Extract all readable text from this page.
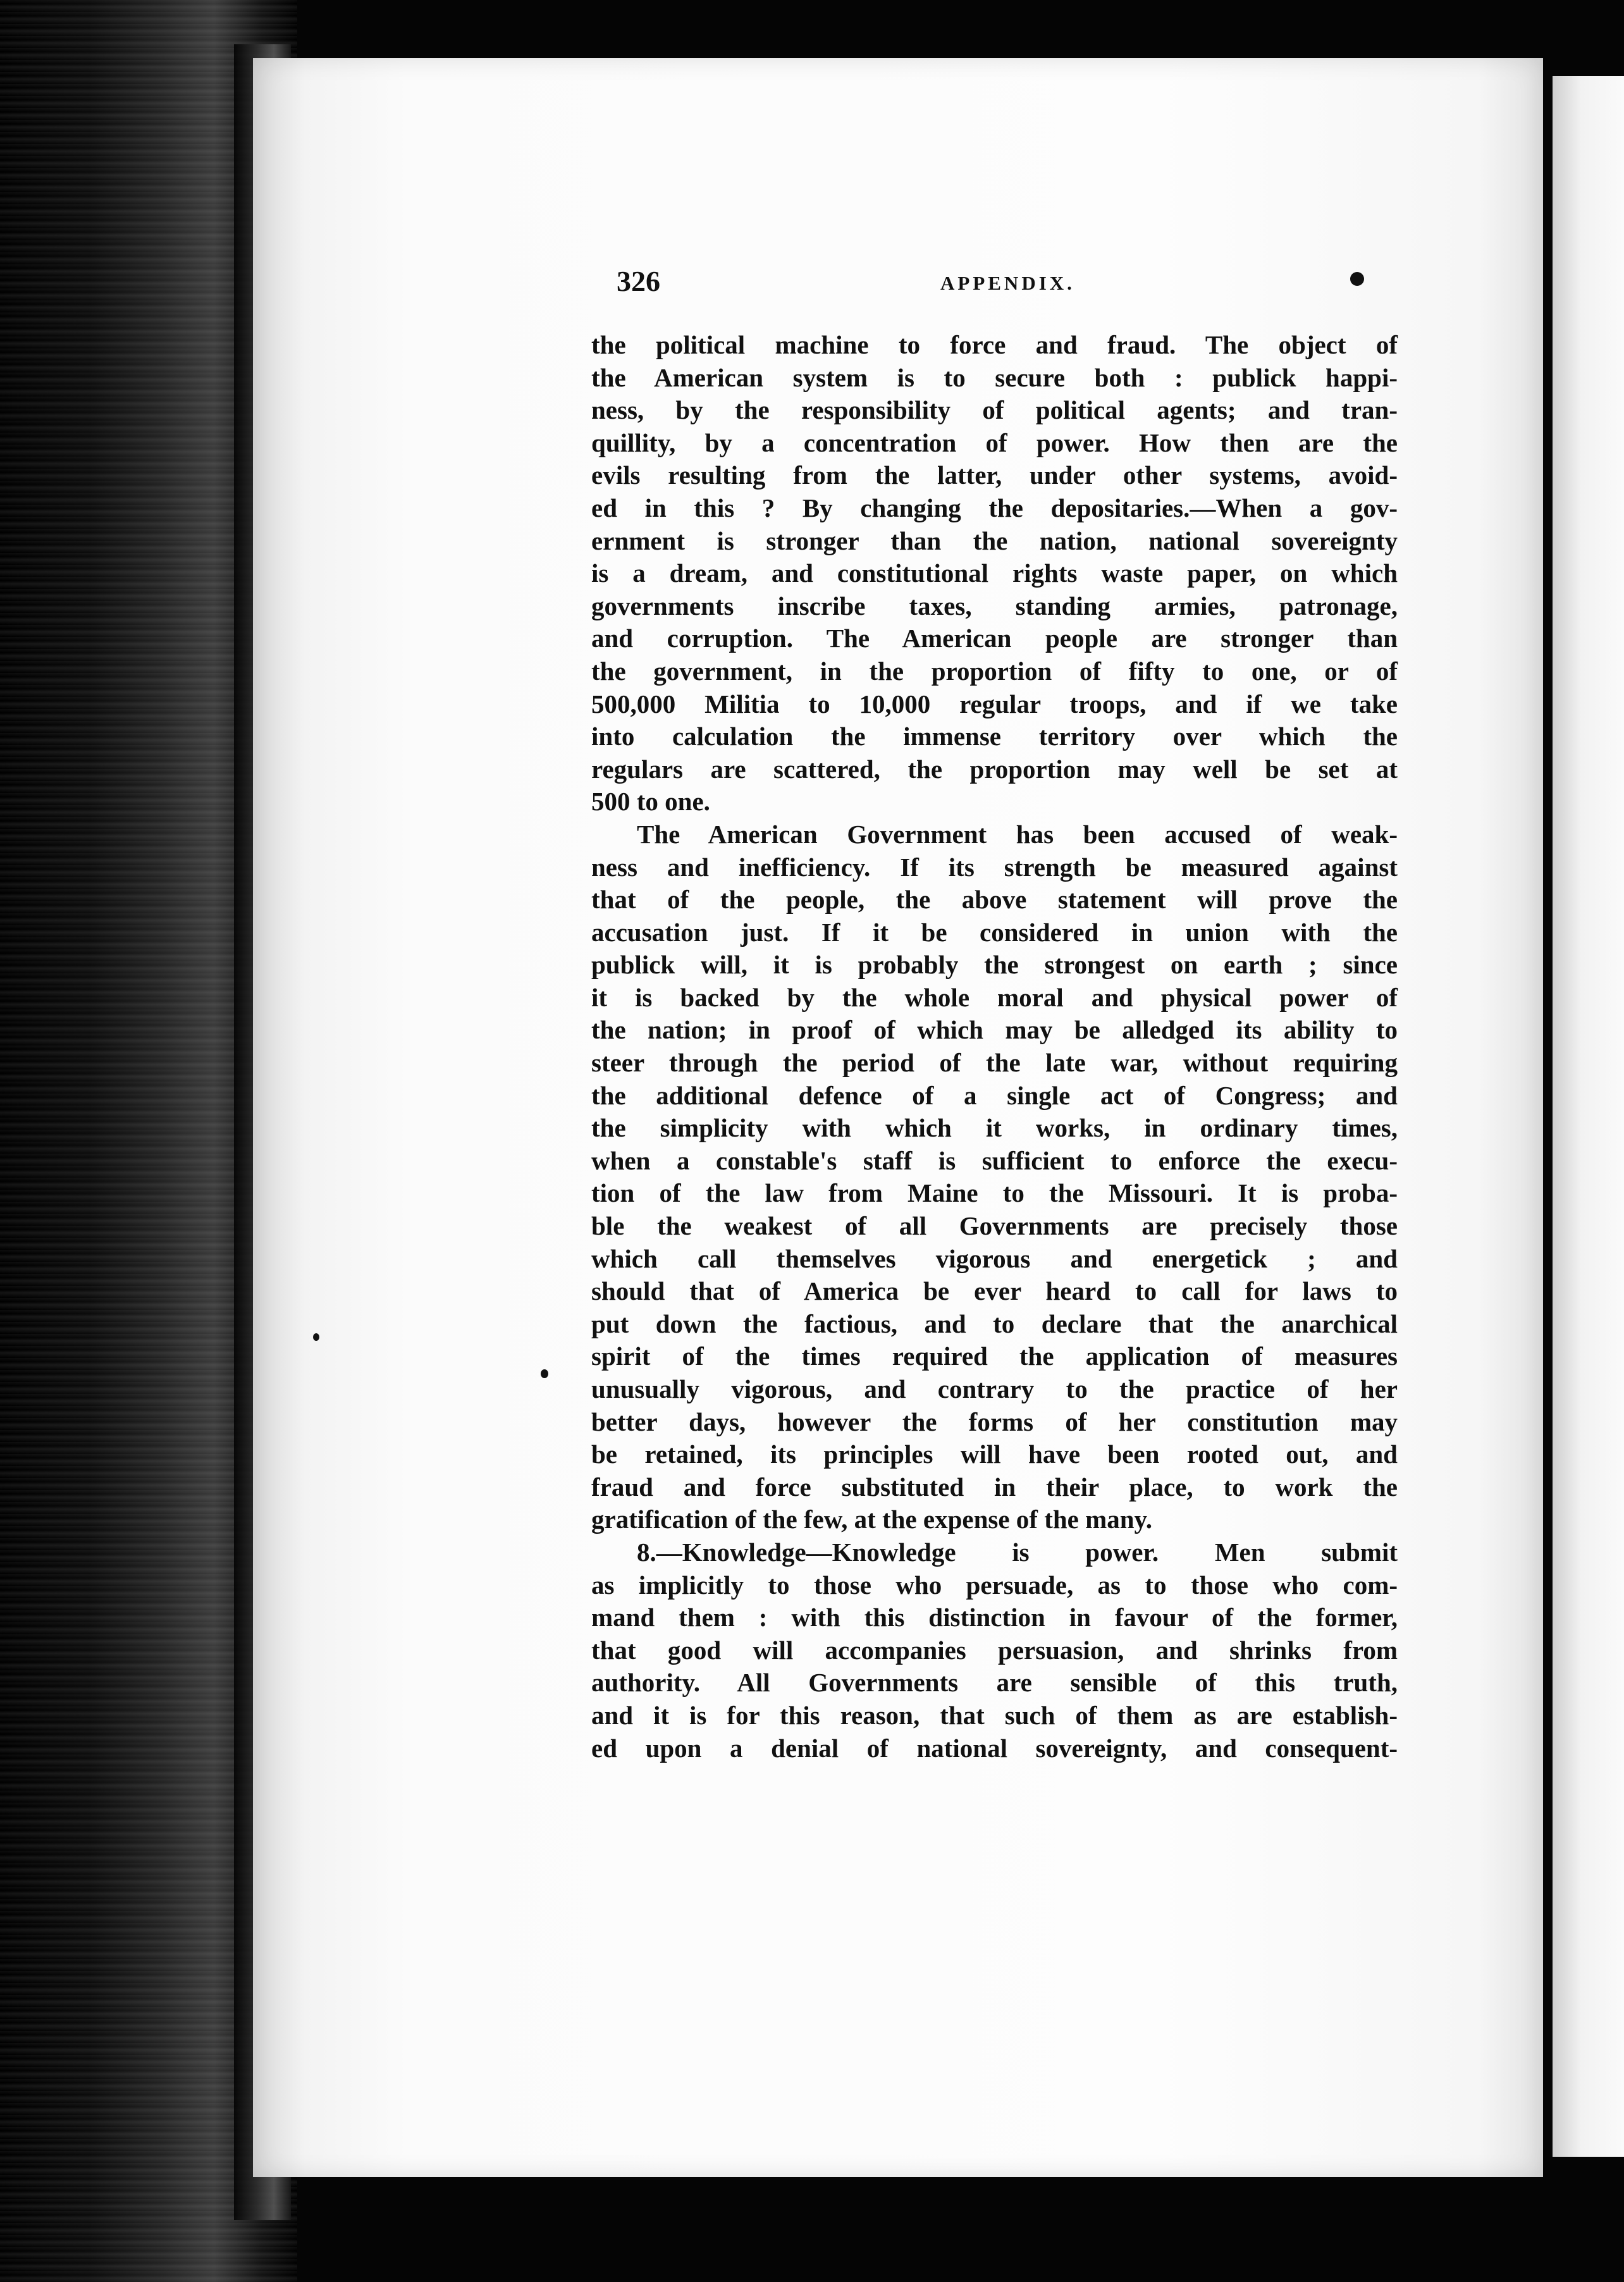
326	APPENDIX.
the political machine to force and fraud. The object of
the American system is to secure both : publick happi-
ness, by the responsibility of political agents; and tran-
quillity, by a concentration of power. How then are the
evils resulting from the latter, under other systems, avoid-
ed in this ? By changing the depositaries.—When a gov-
ernment is stronger than the nation, national sovereignty
is a dream, and constitutional rights waste paper, on which
governments inscribe taxes, standing armies, patronage,
and corruption. The American people are stronger than
the government, in the proportion of fifty to one, or of
500,000 Militia to 10,000 regular troops, and if we take
into calculation the immense territory over which the
regulars are scattered, the proportion may well be set at
500 to one.
The American Government has been accused of weak-
ness and inefficiency. If its strength be measured against
that of the people, the above statement will prove the
accusation just. If it be considered in union with the
publick will, it is probably the strongest on earth ; since
it is backed by the whole moral and physical power of
the nation; in proof of which may be alledged its ability to
steer through the period of the late war, without requiring
the additional defence of a single act of Congress; and
the simplicity with which it works, in ordinary times,
when a constable's staff is sufficient to enforce the execu-
tion of the law from Maine to the Missouri. It is proba-
ble the weakest of all Governments are precisely those
which call themselves vigorous and energetick ; and
should that of America be ever heard to call for laws to
put down the factious, and to declare that the anarchical
spirit of the times required the application of measures
unusually vigorous, and contrary to the practice of her
better days, however the forms of her constitution may
be retained, its principles will have been rooted out, and
fraud and force substituted in their place, to work the
gratification of the few, at the expense of the many.
8.—Knowledge—Knowledge is power. Men submit
as implicitly to those who persuade, as to those who com-
mand them : with this distinction in favour of the former,
that good will accompanies persuasion, and shrinks from
authority. All Governments are sensible of this truth,
and it is for this reason, that such of them as are establish-
ed upon a denial of national sovereignty, and consequent-
